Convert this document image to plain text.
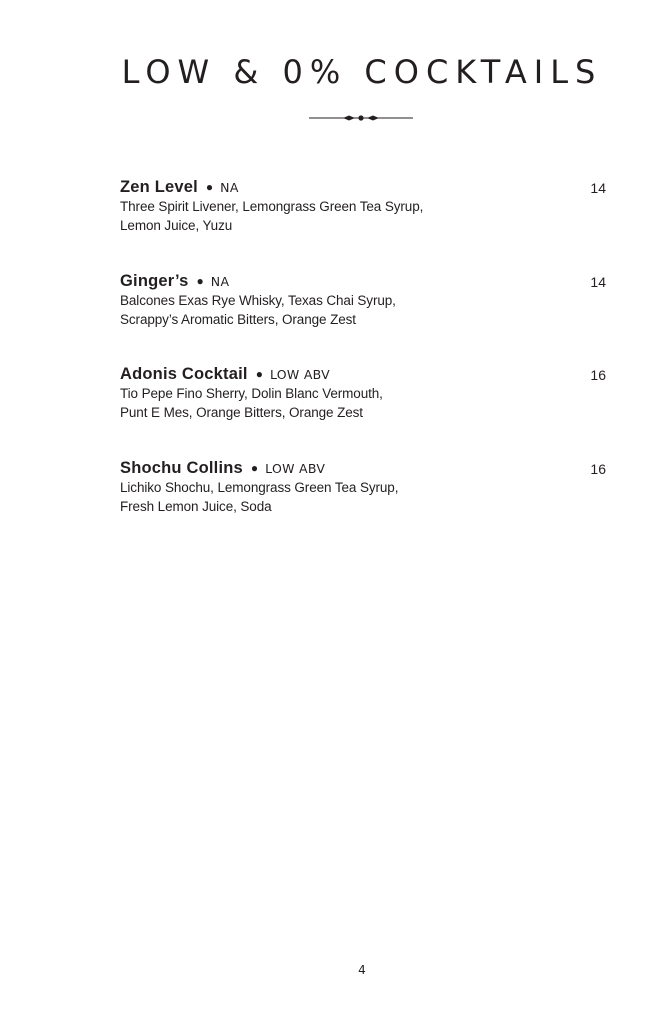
LOW & 0% COCKTAILS
Zen Level ● NA	14

Three Spirit Livener, Lemongrass Green Tea Syrup,
Lemon Juice, Yuzu

Ginger’s ● NA	14

Balcones Exas Rye Whisky, Texas Chai Syrup,
Scrappy’s Aromatic Bitters, Orange Zest

Adonis Cocktail ● LOW ABV	16

Tio Pepe Fino Sherry, Dolin Blanc Vermouth,
Punt E Mes, Orange Bitters, Orange Zest

Shochu Collins ● LOW ABV	16

Lichiko Shochu, Lemongrass Green Tea Syrup,
Fresh Lemon Juice, Soda

4
